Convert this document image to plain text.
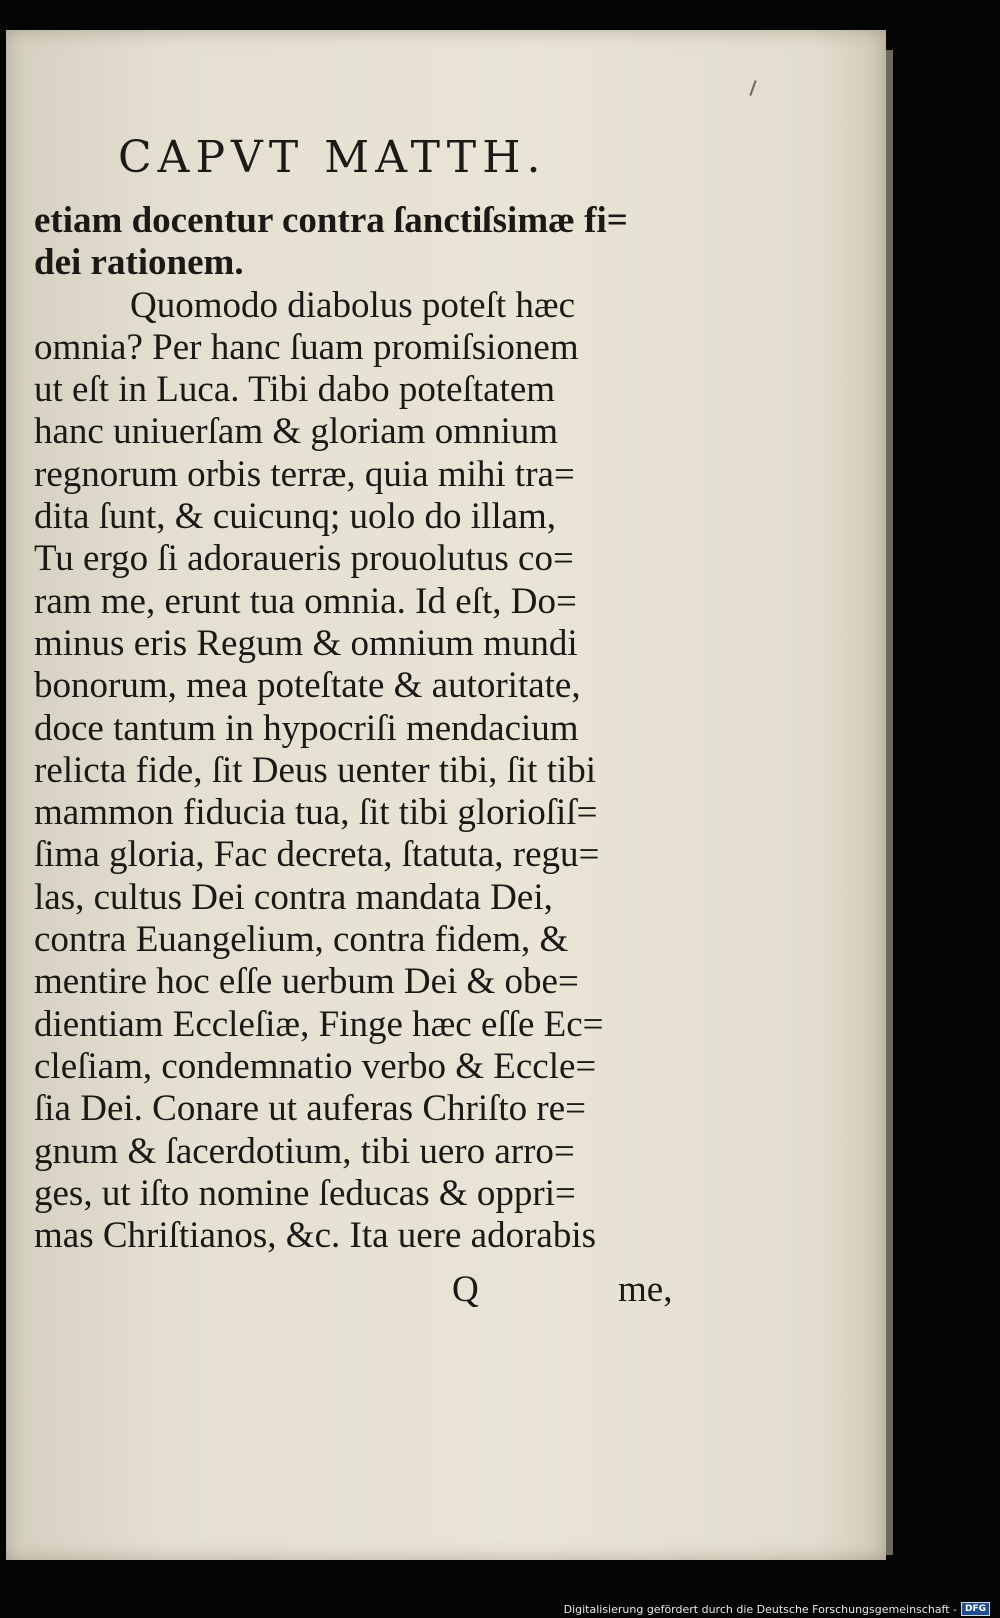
CAPVT MATTH.
etiam docentur contra ſanctiſsimæ fi=
dei rationem.
Quomodo diabolus poteſt hæc
omnia? Per hanc ſuam promiſsionem
ut eſt in Luca. Tibi dabo poteſtatem
hanc uniuerſam & gloriam omnium
regnorum orbis terræ, quia mihi tra=
dita ſunt, & cuicunq; uolo do illam,
Tu ergo ſi adoraueris prouolutus co=
ram me, erunt tua omnia. Id eſt, Do=
minus eris Regum & omnium mundi
bonorum, mea poteſtate & autoritate,
doce tantum in hypocriſi mendacium
relicta fide, ſit Deus uenter tibi, ſit tibi
mammon fiducia tua, ſit tibi glorioſiſ=
ſima gloria, Fac decreta, ſtatuta, regu=
las, cultus Dei contra mandata Dei,
contra Euangelium, contra fidem, &
mentire hoc eſſe uerbum Dei & obe=
dientiam Eccleſiæ, Finge hæc eſſe Ec=
cleſiam, condemnatio verbo & Eccle=
ſia Dei. Conare ut auferas Chriſto re=
gnum & ſacerdotium, tibi uero arro=
ges, ut iſto nomine ſeducas & oppri=
mas Chriſtianos, &c. Ita uere adorabis
Q	me,
Digitalisierung gefördert durch die Deutsche Forschungsgemeinschaft - DFG
